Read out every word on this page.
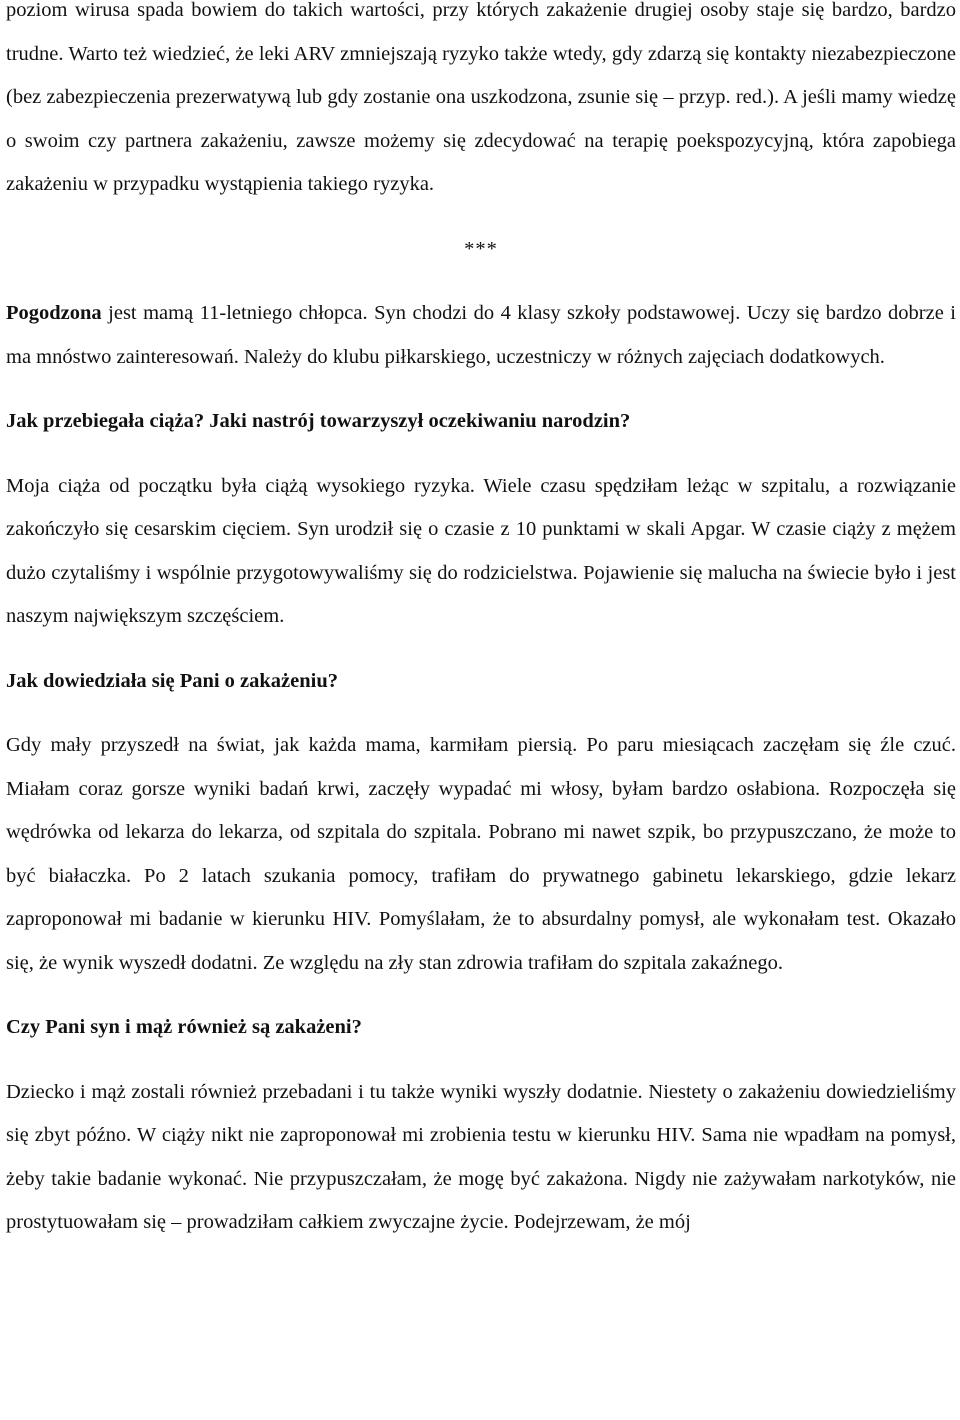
poziom wirusa spada bowiem do takich wartości, przy których zakażenie drugiej osoby staje się bardzo, bardzo trudne. Warto też wiedzieć, że leki ARV zmniejszają ryzyko także wtedy, gdy zdarzą się kontakty niezabezpieczone (bez zabezpieczenia prezerwatywą lub gdy zostanie ona uszkodzona, zsunie się – przyp. red.). A jeśli mamy wiedzę o swoim czy partnera zakażeniu, zawsze możemy się zdecydować na terapię poekspozycyjną, która zapobiega zakażeniu w przypadku wystąpienia takiego ryzyka.

***

Pogodzona jest mamą 11-letniego chłopca. Syn chodzi do 4 klasy szkoły podstawowej. Uczy się bardzo dobrze i ma mnóstwo zainteresowań. Należy do klubu piłkarskiego, uczestniczy w różnych zajęciach dodatkowych.

Jak przebiegała ciąża? Jaki nastrój towarzyszył oczekiwaniu narodzin?

Moja ciąża od początku była ciążą wysokiego ryzyka. Wiele czasu spędziłam leżąc w szpitalu, a rozwiązanie zakończyło się cesarskim cięciem. Syn urodził się o czasie z 10 punktami w skali Apgar. W czasie ciąży z mężem dużo czytaliśmy i wspólnie przygotowywaliśmy się do rodzicielstwa. Pojawienie się malucha na świecie było i jest naszym największym szczęściem.

Jak dowiedziała się Pani o zakażeniu?

Gdy mały przyszedł na świat, jak każda mama, karmiłam piersią. Po paru miesiącach zaczęłam się źle czuć. Miałam coraz gorsze wyniki badań krwi, zaczęły wypadać mi włosy, byłam bardzo osłabiona. Rozpoczęła się wędrówka od lekarza do lekarza, od szpitala do szpitala. Pobrano mi nawet szpik, bo przypuszczano, że może to być białaczka. Po 2 latach szukania pomocy, trafiłam do prywatnego gabinetu lekarskiego, gdzie lekarz zaproponował mi badanie w kierunku HIV. Pomyślałam, że to absurdalny pomysł, ale wykonałam test. Okazało się, że wynik wyszedł dodatni. Ze względu na zły stan zdrowia trafiłam do szpitala zakaźnego.

Czy Pani syn i mąż również są zakażeni?

Dziecko i mąż zostali również przebadani i tu także wyniki wyszły dodatnie. Niestety o zakażeniu dowiedzieliśmy się zbyt późno. W ciąży nikt nie zaproponował mi zrobienia testu w kierunku HIV. Sama nie wpadłam na pomysł, żeby takie badanie wykonać. Nie przypuszczałam, że mogę być zakażona. Nigdy nie zażywałam narkotyków, nie prostytuowałam się – prowadziłam całkiem zwyczajne życie. Podejrzewam, że mój
